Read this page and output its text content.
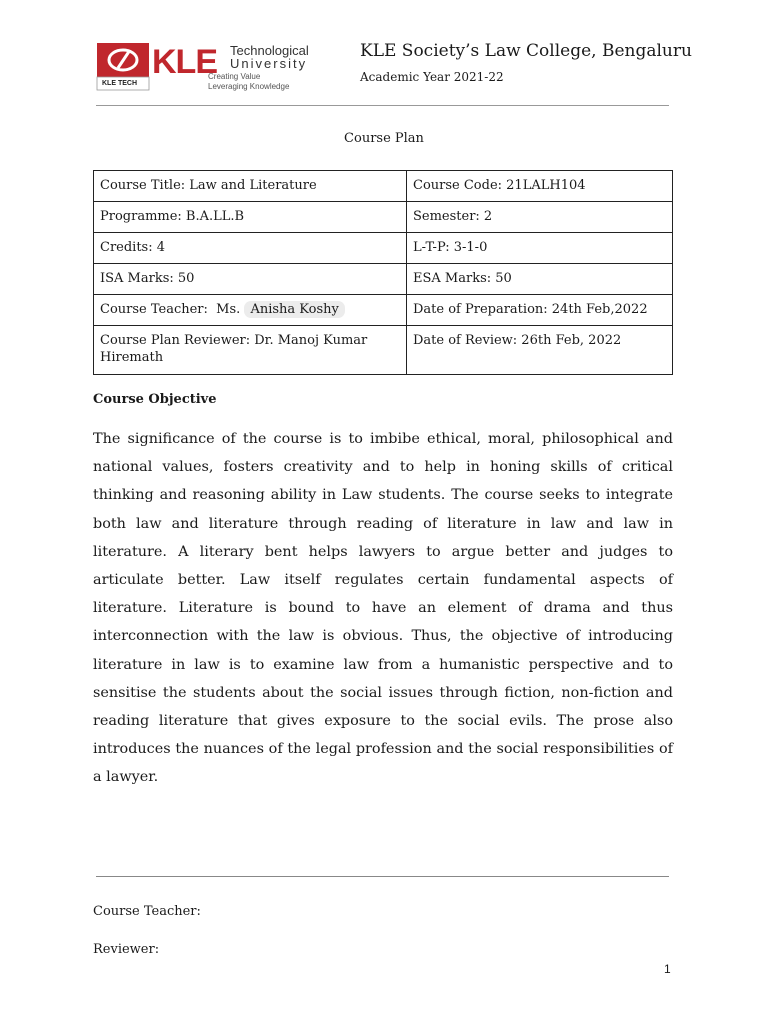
KLE TECH
KLE Technological
University
Creating Value
Leveraging Knowledge
KLE Society’s Law College, Bengaluru
Academic Year 2021-22
Course Plan
Course Title: Law and Literature	Course Code: 21LALH104
Programme: B.A.LL.B	Semester: 2
Credits: 4	L-T-P: 3-1-0
ISA Marks: 50	ESA Marks: 50
Course Teacher:  Ms. Anisha Koshy	Date of Preparation: 24th Feb,2022
Course Plan Reviewer: Dr. Manoj Kumar Hiremath	Date of Review: 26th Feb, 2022
Course Objective

The significance of the course is to imbibe ethical, moral, philosophical and national values, fosters creativity and to help in honing skills of critical thinking and reasoning ability in Law students. The course seeks to integrate both law and literature through reading of literature in law and law in literature. A literary bent helps lawyers to argue better and judges to articulate better. Law itself regulates certain fundamental aspects of literature. Literature is bound to have an element of drama and thus interconnection with the law is obvious. Thus, the objective of introducing literature in law is to examine law from a humanistic perspective and to sensitise the students about the social issues through fiction, non-fiction and reading literature that gives exposure to the social evils. The prose also introduces the nuances of the legal profession and the social responsibilities of a lawyer.

Course Teacher:
Reviewer:
1
